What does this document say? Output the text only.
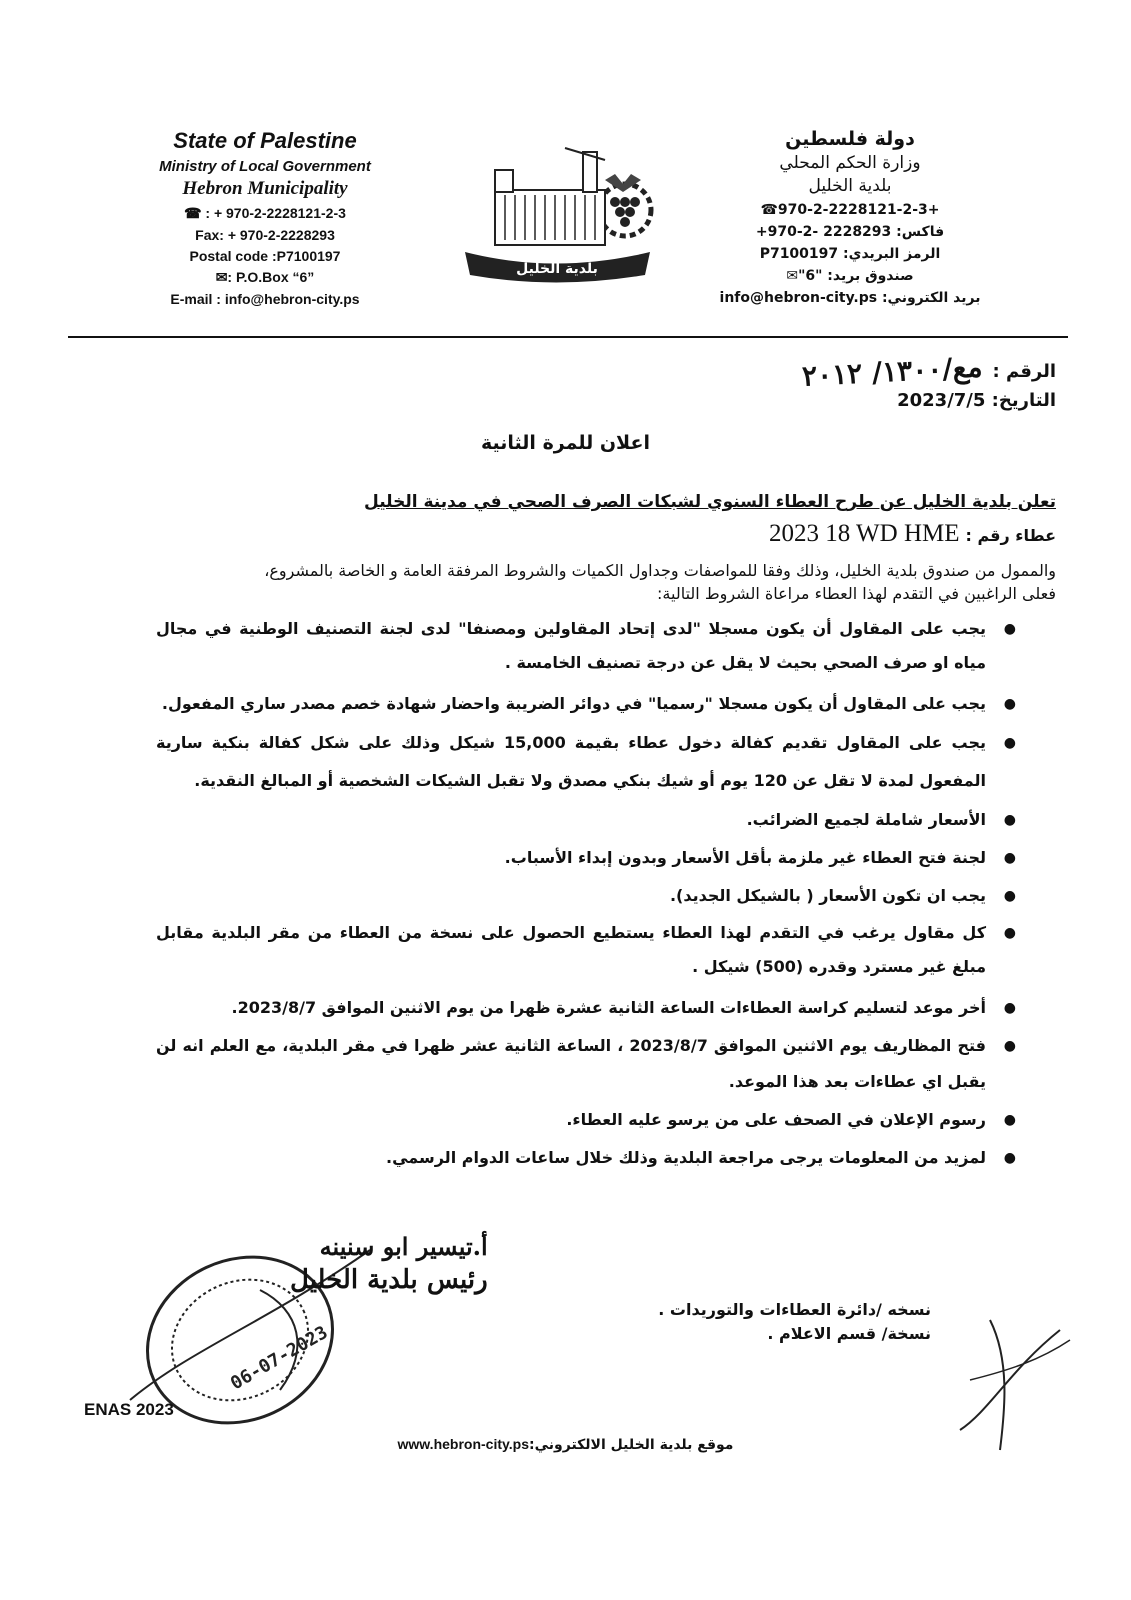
State of Palestine
Ministry of Local Government
Hebron Municipality
☎ : + 970-2-2228121-2-3
Fax: + 970-2-2228293
Postal code :P7100197
✉: P.O.Box “6”
E-mail : info@hebron-city.ps
بلدية الخليل
دولة فلسطين
وزارة الحكم المحلي
بلدية الخليل
+970-2-2228121-2-3☎
فاكس: 2228293 -2-970+
الرمز البريدي: P7100197
صندوق بريد: "6"✉
بريد الكتروني: info@hebron-city.ps
الرقم :
مع/١٣٠٠/ ٢٠١٢
التاريخ: 2023/7/5
اعلان للمرة الثانية
تعلن بلدية الخليل عن طرح العطاء السنوي لشبكات الصرف الصحي في مدينة الخليل
عطاء رقم :
2023 18 WD HME
والممول من صندوق بلدية الخليل، وذلك وفقا للمواصفات وجداول الكميات والشروط المرفقة العامة و الخاصة بالمشروع،
فعلى الراغبين في التقدم لهذا العطاء مراعاة الشروط التالية:
● يجب على المقاول أن يكون مسجلا "لدى إتحاد المقاولين ومصنفا" لدى لجنة التصنيف الوطنية في مجال مياه او صرف الصحي بحيث لا يقل عن درجة تصنيف الخامسة .
● يجب على المقاول أن يكون مسجلا "رسميا" في دوائر الضريبة واحضار شهادة خصم مصدر ساري المفعول.
● يجب على المقاول تقديم كفالة دخول عطاء بقيمة 15,000 شيكل وذلك على شكل كفالة بنكية سارية المفعول لمدة لا تقل عن 120 يوم أو شيك بنكي مصدق ولا تقبل الشيكات الشخصية أو المبالغ النقدية.
● الأسعار شاملة لجميع الضرائب.
● لجنة فتح العطاء غير ملزمة بأقل الأسعار وبدون إبداء الأسباب.
● يجب ان تكون الأسعار ( بالشيكل الجديد).
● كل مقاول يرغب في التقدم لهذا العطاء يستطيع الحصول على نسخة من العطاء من مقر البلدية مقابل مبلغ غير مسترد وقدره (500) شيكل .
● أخر موعد لتسليم كراسة العطاءات الساعة الثانية عشرة ظهرا من يوم الاثنين الموافق 2023/8/7.
● فتح المظاريف يوم الاثنين الموافق 2023/8/7 ، الساعة الثانية عشر ظهرا في مقر البلدية، مع العلم انه لن يقبل اي عطاءات بعد هذا الموعد.
● رسوم الإعلان في الصحف على من يرسو عليه العطاء.
● لمزيد من المعلومات يرجى مراجعة البلدية وذلك خلال ساعات الدوام الرسمي.
06-07-2023
أ.تيسير ابو سنينه
رئيس بلدية الخليل
نسخه /دائرة العطاءات والتوريدات .
نسخة/ قسم الاعلام .
ENAS 2023
www.hebron-city.ps:موقع بلدية الخليل الالكتروني
